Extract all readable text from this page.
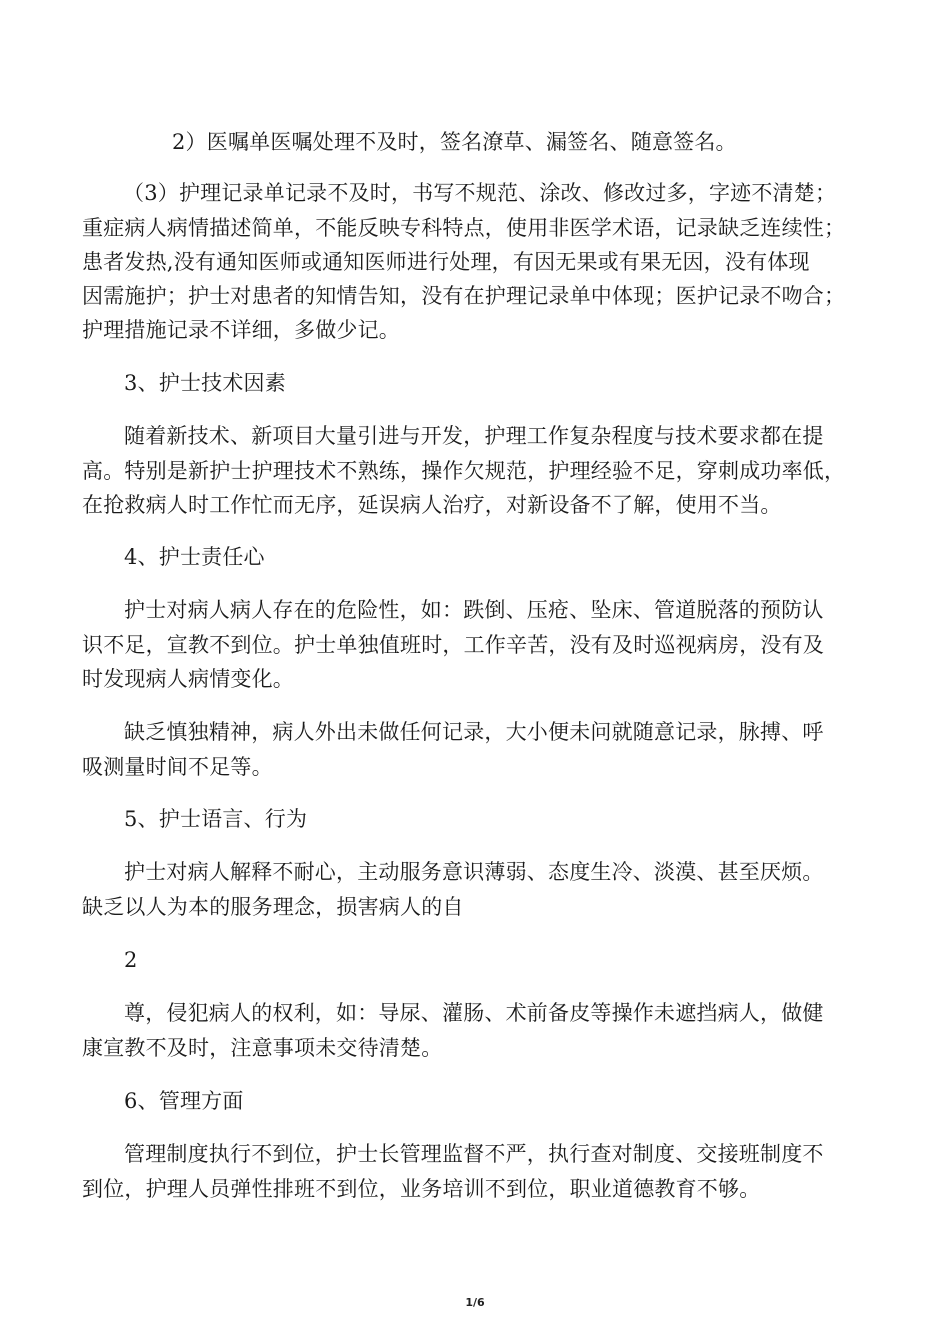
2）医嘱单医嘱处理不及时，签名潦草、漏签名、随意签名。
（3）护理记录单记录不及时，书写不规范、涂改、修改过多，字迹不清楚；
重症病人病情描述简单，不能反映专科特点，使用非医学术语，记录缺乏连续性；
患者发热,没有通知医师或通知医师进行处理，有因无果或有果无因，没有体现
因需施护；护士对患者的知情告知，没有在护理记录单中体现；医护记录不吻合；
护理措施记录不详细，多做少记。
3、护士技术因素
随着新技术、新项目大量引进与开发，护理工作复杂程度与技术要求都在提
高。特别是新护士护理技术不熟练，操作欠规范，护理经验不足，穿刺成功率低，
在抢救病人时工作忙而无序，延误病人治疗，对新设备不了解，使用不当。
4、护士责任心
护士对病人病人存在的危险性，如：跌倒、压疮、坠床、管道脱落的预防认
识不足，宣教不到位。护士单独值班时，工作辛苦，没有及时巡视病房，没有及
时发现病人病情变化。
缺乏慎独精神，病人外出未做任何记录，大小便未问就随意记录，脉搏、呼
吸测量时间不足等。
5、护士语言、行为
护士对病人解释不耐心，主动服务意识薄弱、态度生冷、淡漠、甚至厌烦。
缺乏以人为本的服务理念，损害病人的自
2
尊，侵犯病人的权利，如：导尿、灌肠、术前备皮等操作未遮挡病人，做健
康宣教不及时，注意事项未交待清楚。
6、管理方面
管理制度执行不到位，护士长管理监督不严，执行查对制度、交接班制度不
到位，护理人员弹性排班不到位，业务培训不到位，职业道德教育不够。
1/6
